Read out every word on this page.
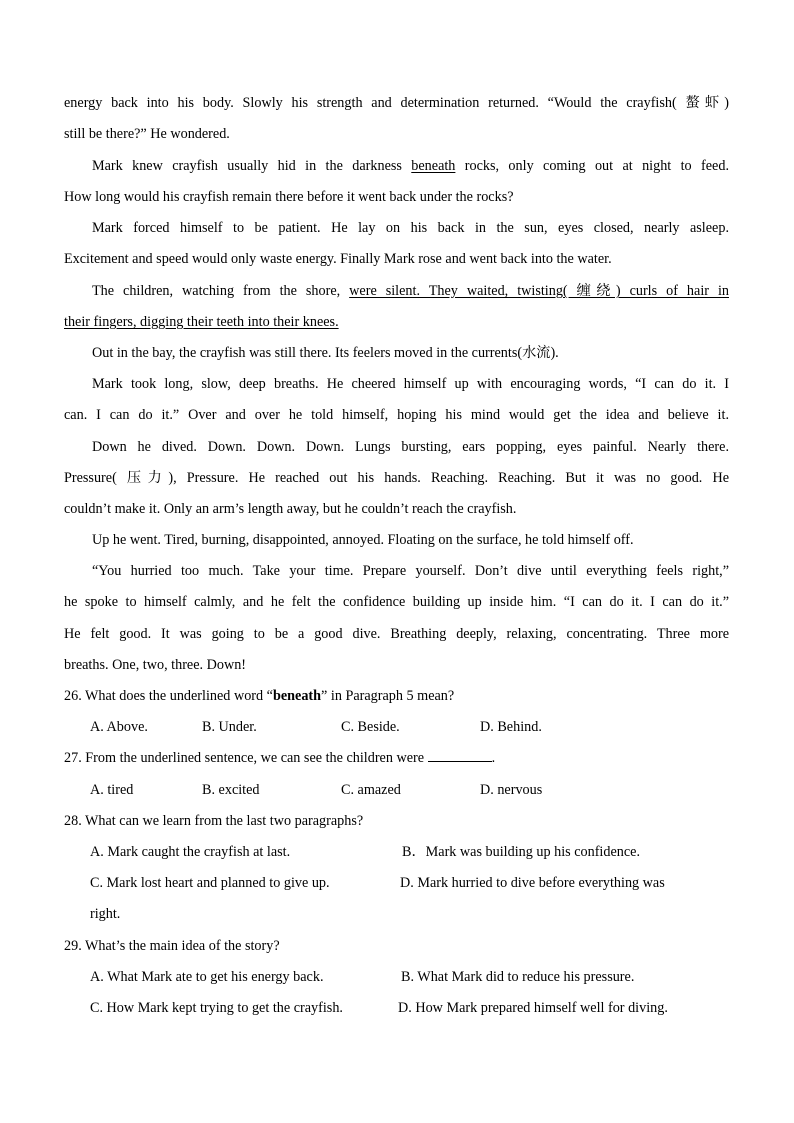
energy back into his body. Slowly his strength and determination returned. “Would the crayfish( 螯虾)
still be there?” He wondered.
Mark knew crayfish usually hid in the darkness beneath rocks, only coming out at night to feed.
How long would his crayfish remain there before it went back under the rocks?
Mark forced himself to be patient. He lay on his back in the sun, eyes closed, nearly asleep.
Excitement and speed would only waste energy. Finally Mark rose and went back into the water.
The children, watching from the shore, were silent. They waited, twisting( 缠绕) curls of hair in
their fingers, digging their teeth into their knees.
Out in the bay, the crayfish was still there. Its feelers moved in the currents(水流).
Mark took long, slow, deep breaths. He cheered himself up with encouraging words, “I can do it. I
can. I can do it.” Over and over he told himself, hoping his mind would get the idea and believe it.
Down he dived. Down. Down. Down. Lungs bursting, ears popping, eyes painful. Nearly there.
Pressure( 压力), Pressure. He reached out his hands. Reaching. Reaching. But it was no good. He
couldn’t make it. Only an arm’s length away, but he couldn’t reach the crayfish.
Up he went. Tired, burning, disappointed, annoyed. Floating on the surface, he told himself off.
“You hurried too much. Take your time. Prepare yourself. Don’t dive until everything feels right,”
he spoke to himself calmly, and he felt the confidence building up inside him. “I can do it. I can do it.”
He felt good. It was going to be a good dive. Breathing deeply, relaxing, concentrating. Three more
breaths. One, two, three. Down!
26. What does the underlined word “beneath” in Paragraph 5 mean?
A. Above.	B. Under.	C. Beside.	D. Behind.
27. From the underlined sentence, we can see the children were	.
A. tired	B. excited	C. amazed	D. nervous
28. What can we learn from the last two paragraphs?
A. Mark caught the crayfish at last.	B．Mark was building up his confidence.
C. Mark lost heart and planned to give up.	D. Mark hurried to dive before everything was
right.
29. What’s the main idea of the story?
A. What Mark ate to get his energy back.	B. What Mark did to reduce his pressure.
C. How Mark kept trying to get the crayfish.	D. How Mark prepared himself well for diving.
